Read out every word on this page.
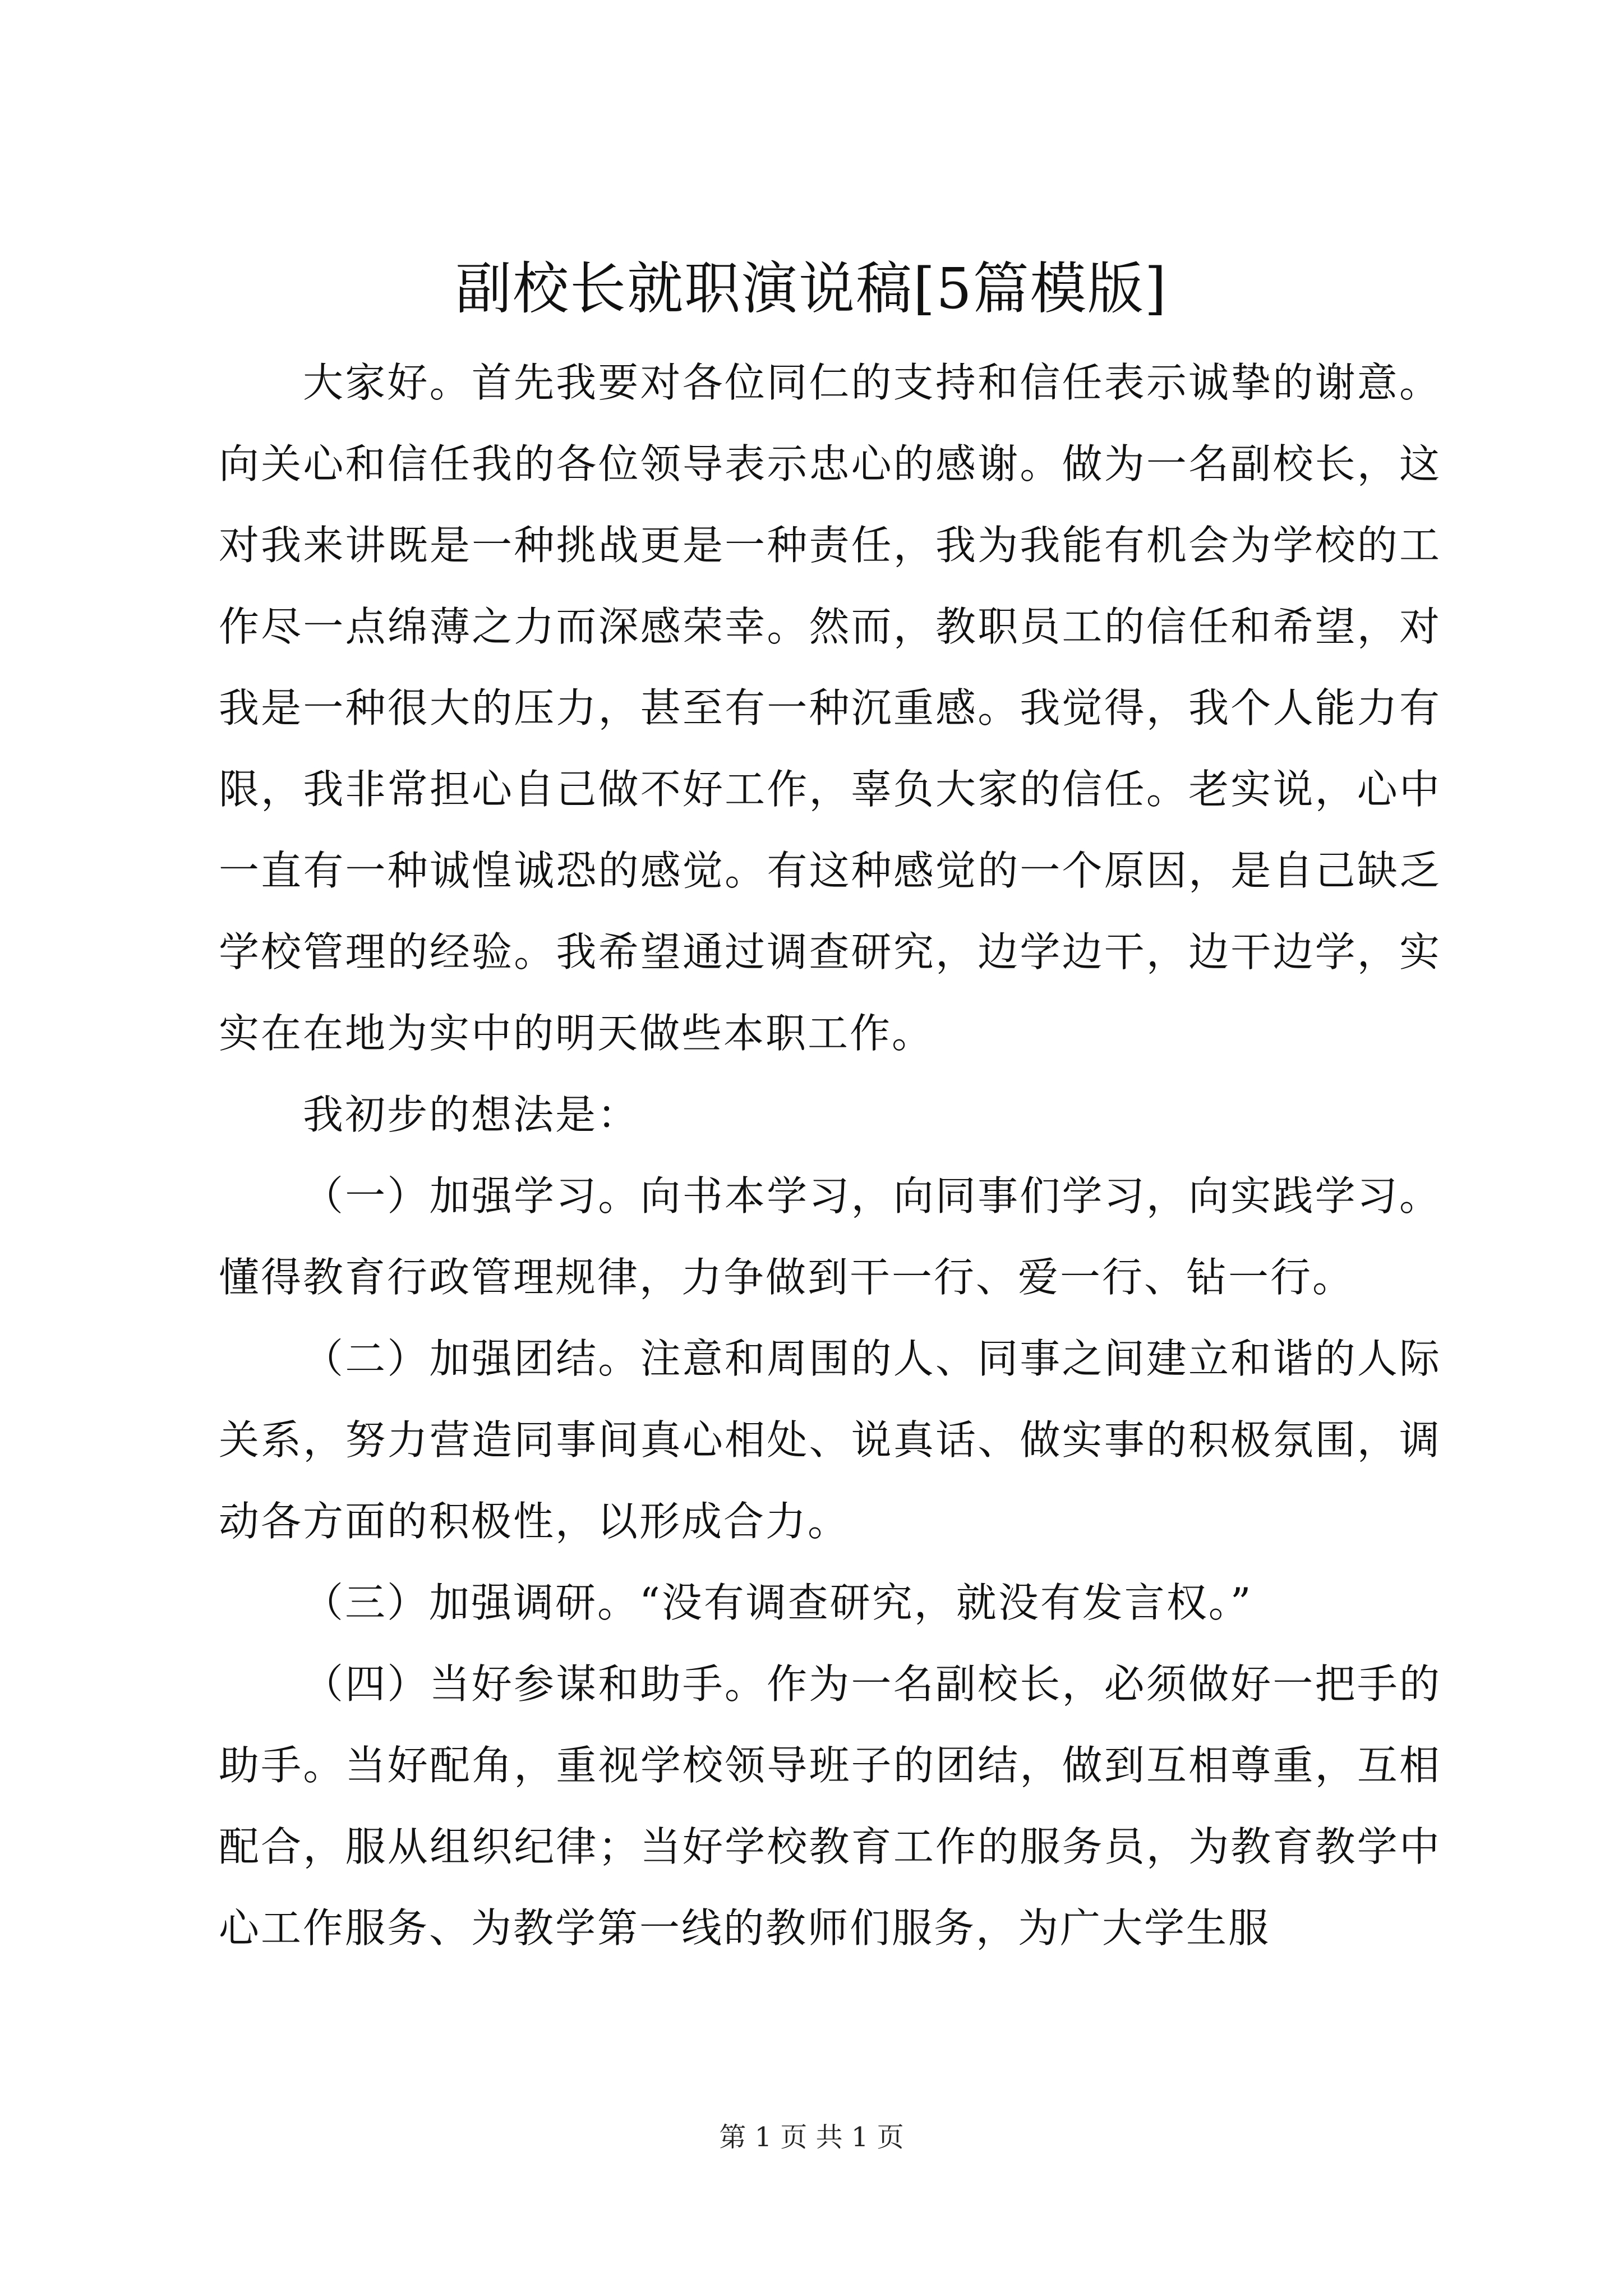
副校长就职演说稿[5篇模版]

大家好。首先我要对各位同仁的支持和信任表示诚挚的谢意。向关心和信任我的各位领导表示忠心的感谢。做为一名副校长，这对我来讲既是一种挑战更是一种责任，我为我能有机会为学校的工作尽一点绵薄之力而深感荣幸。然而，教职员工的信任和希望，对我是一种很大的压力，甚至有一种沉重感。我觉得，我个人能力有限，我非常担心自己做不好工作，辜负大家的信任。老实说，心中一直有一种诚惶诚恐的感觉。有这种感觉的一个原因，是自己缺乏学校管理的经验。我希望通过调查研究，边学边干，边干边学，实实在在地为实中的明天做些本职工作。

我初步的想法是：

（一）加强学习。向书本学习，向同事们学习，向实践学习。懂得教育行政管理规律，力争做到干一行、爱一行、钻一行。

（二）加强团结。注意和周围的人、同事之间建立和谐的人际关系，努力营造同事间真心相处、说真话、做实事的积极氛围，调动各方面的积极性，以形成合力。

（三）加强调研。“没有调查研究，就没有发言权。”

（四）当好参谋和助手。作为一名副校长，必须做好一把手的助手。当好配角，重视学校领导班子的团结，做到互相尊重，互相配合，服从组织纪律；当好学校教育工作的服务员，为教育教学中心工作服务、为教学第一线的教师们服务，为广大学生服

第 1 页 共 1 页
